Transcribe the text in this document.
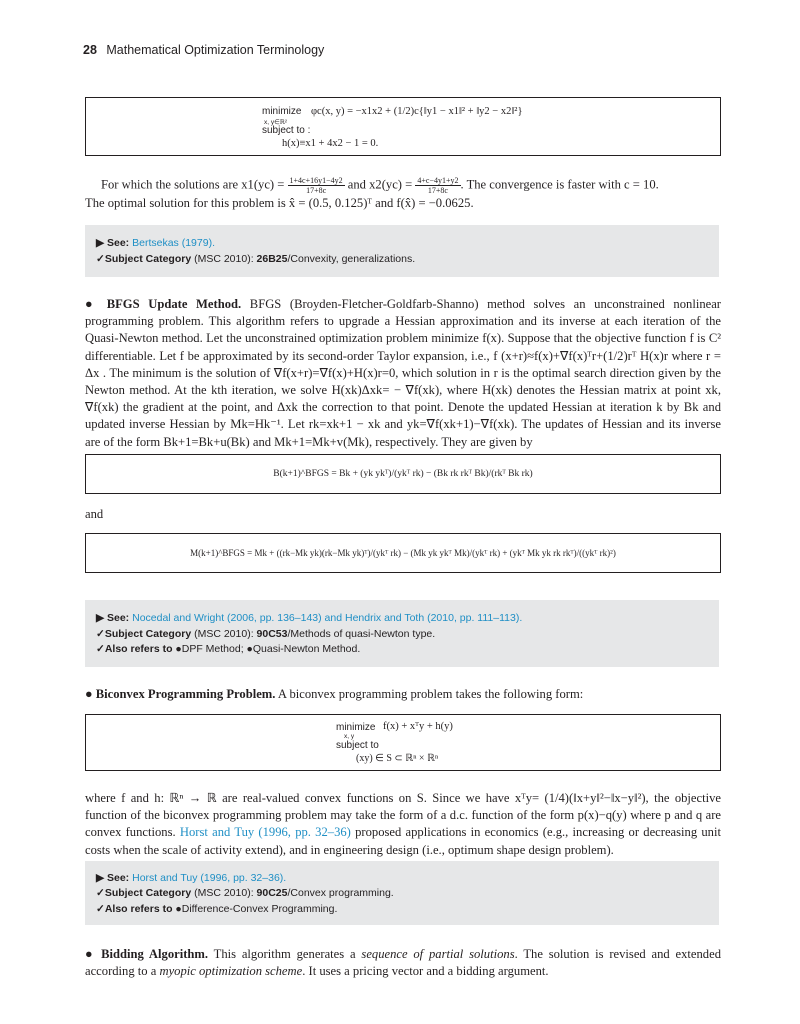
28 Mathematical Optimization Terminology
minimize
x, y∈ℝ²
φc(x, y) = −x1x2 + (1/2)c{‖y1 − x1‖² + ‖y2 − x2‖²}
subject to :
h(x)≡x1 + 4x2 − 1 = 0.
For which the solutions are $x1(yc) = \frac{1+4c+16y1-4y2}{17+8c}$ and $x2(yc) = \frac{4+c-4y1+y2}{17+8c}$ . The convergence is faster with c = 10.
The optimal solution for this problem is x̂ = (0.5, 0.125)ᵀ and f(x̂) = −0.0625.
▶ See: Bertsekas (1979).
✓Subject Category (MSC 2010): 26B25/Convexity, generalizations.
● BFGS Update Method. BFGS (Broyden-Fletcher-Goldfarb-Shanno) method solves an unconstrained nonlinear programming problem. This algorithm refers to upgrade a Hessian approximation and its inverse at each iteration of the Quasi-Newton method. Let the unconstrained optimization problem minimize f(x). Suppose that the objective function f is C² differentiable. Let f be approximated by its second-order Taylor expansion, i.e., f (x+r)≈f(x)+∇f(x)ᵀr+(1/2)rᵀ H(x)r where r = Δx . The minimum is the solution of ∇f(x+r)=∇f(x)+H(x)r=0, which solution in r is the optimal search direction given by the Newton method. At the kth iteration, we solve H(xk)Δxk= − ∇f(xk), where H(xk) denotes the Hessian matrix at point xk, ∇f(xk) the gradient at the point, and Δxk the correction to that point. Denote the updated Hessian at iteration k by Bk and updated inverse Hessian by Mk=Hk⁻¹. Let rk=xk+1 − xk and yk=∇f(xk+1)−∇f(xk). The updates of Hessian and its inverse are of the form Bk+1=Bk+u(Bk) and Mk+1=Mk+v(Mk), respectively. They are given by
B(k+1)^BFGS = Bk + (yk ykᵀ)/(ykᵀ rk) − (Bk rk rkᵀ Bk)/(rkᵀ Bk rk)
and
M(k+1)^BFGS = Mk + ((rk−Mk yk)(rk−Mk yk)ᵀ)/(ykᵀ rk) − (Mk yk ykᵀ Mk)/(ykᵀ rk) + (ykᵀ Mk yk rk rkᵀ)/((ykᵀ rk)²)
▶ See: Nocedal and Wright (2006, pp. 136–143) and Hendrix and Toth (2010, pp. 111–113).
✓Subject Category (MSC 2010): 90C53/Methods of quasi-Newton type.
✓Also refers to ●DPF Method; ●Quasi-Newton Method.
● Biconvex Programming Problem. A biconvex programming problem takes the following form:
minimize
x, y
f(x) + xᵀy + h(y)
subject to
(xy) ∈ S ⊂ ℝⁿ × ℝⁿ
where f and h: ℝⁿ → ℝ are real-valued convex functions on S. Since we have xᵀy= (1/4)(‖x+y‖²−‖x−y‖²), the objective function of the biconvex programming problem may take the form of a d.c. function of the form p(x)−q(y) where p and q are convex functions. Horst and Tuy (1996, pp. 32–36) proposed applications in economics (e.g., increasing or decreasing unit costs when the scale of activity extend), and in engineering design (i.e., optimum shape design problem).
▶ See: Horst and Tuy (1996, pp. 32–36).
✓Subject Category (MSC 2010): 90C25/Convex programming.
✓Also refers to ●Difference-Convex Programming.
● Bidding Algorithm. This algorithm generates a sequence of partial solutions. The solution is revised and extended according to a myopic optimization scheme. It uses a pricing vector and a bidding argument.
